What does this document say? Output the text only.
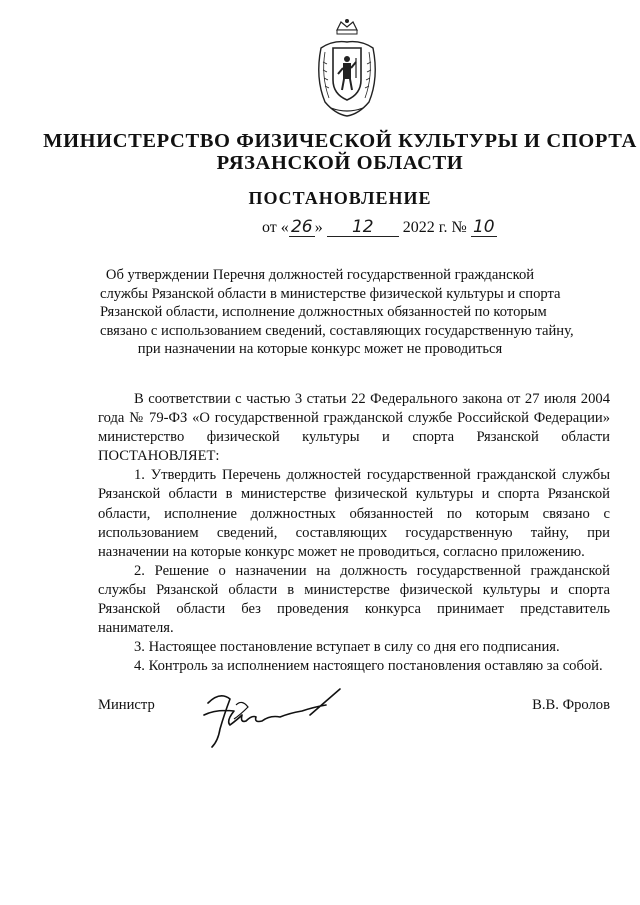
МИНИСТЕРСТВО ФИЗИЧЕСКОЙ КУЛЬТУРЫ И СПОРТА
РЯЗАНСКОЙ ОБЛАСТИ
ПОСТАНОВЛЕНИЕ
от « 26 » 12 2022 г. № 10
Об утверждении Перечня должностей государственной гражданской
службы Рязанской области в министерстве физической культуры и спорта
Рязанской области, исполнение должностных обязанностей по которым
связано с использованием сведений, составляющих государственную тайну,
при назначении на которые конкурс может не проводиться

В соответствии с частью 3 статьи 22 Федерального закона от 27 июля 2004 года № 79-ФЗ «О государственной гражданской службе Российской Федерации» министерство физической культуры и спорта Рязанской области ПОСТАНОВЛЯЕТ:

1. Утвердить Перечень должностей государственной гражданской службы Рязанской области в министерстве физической культуры и спорта Рязанской области, исполнение должностных обязанностей по которым связано с использованием сведений, составляющих государственную тайну, при назначении на которые конкурс может не проводиться, согласно приложению.

2. Решение о назначении на должность государственной гражданской службы Рязанской области в министерстве физической культуры и спорта Рязанской области без проведения конкурса принимает представитель нанимателя.

3. Настоящее постановление вступает в силу со дня его подписания.

4. Контроль за исполнением настоящего постановления оставляю за собой.

Министр	В.В. Фролов
